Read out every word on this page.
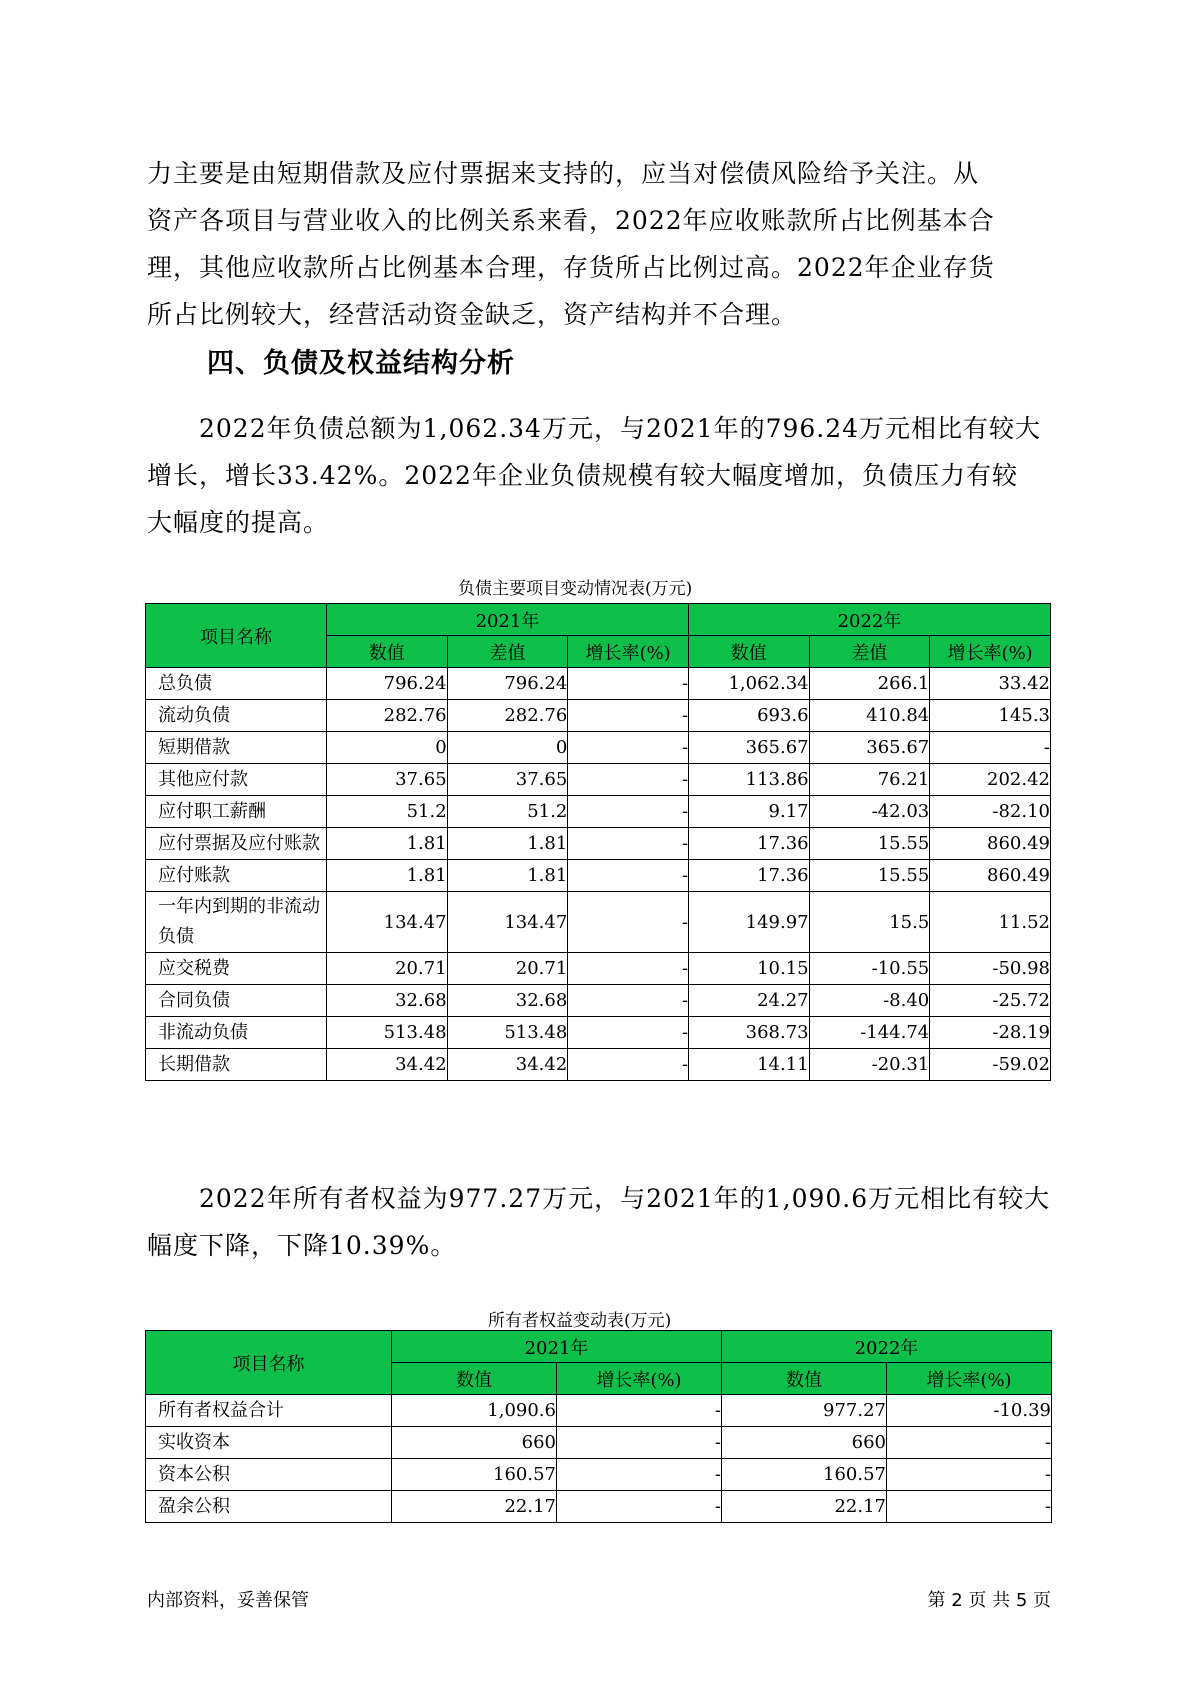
力主要是由短期借款及应付票据来支持的，应当对偿债风险给予关注。从
资产各项目与营业收入的比例关系来看，2022年应收账款所占比例基本合
理，其他应收款所占比例基本合理，存货所占比例过高。2022年企业存货
所占比例较大，经营活动资金缺乏，资产结构并不合理。
四、负债及权益结构分析
　　2022年负债总额为1,062.34万元，与2021年的796.24万元相比有较大
增长，增长33.42%。2022年企业负债规模有较大幅度增加，负债压力有较
大幅度的提高。

负债主要项目变动情况表(万元)

项目名称	2021年			2022年		
	数值	差值	增长率(%)	数值	差值	增长率(%)
总负债	796.24	796.24	-	1,062.34	266.1	33.42
流动负债	282.76	282.76	-	693.6	410.84	145.3
短期借款	0	0	-	365.67	365.67	-
其他应付款	37.65	37.65	-	113.86	76.21	202.42
应付职工薪酬	51.2	51.2	-	9.17	-42.03	-82.10
应付票据及应付账款	1.81	1.81	-	17.36	15.55	860.49
应付账款	1.81	1.81	-	17.36	15.55	860.49
一年内到期的非流动负债	134.47	134.47	-	149.97	15.5	11.52
应交税费	20.71	20.71	-	10.15	-10.55	-50.98
合同负债	32.68	32.68	-	24.27	-8.40	-25.72
非流动负债	513.48	513.48	-	368.73	-144.74	-28.19
长期借款	34.42	34.42	-	14.11	-20.31	-59.02
　　2022年所有者权益为977.27万元，与2021年的1,090.6万元相比有较大
幅度下降，下降10.39%。

所有者权益变动表(万元)

项目名称	2021年		2022年	
	数值	增长率(%)	数值	增长率(%)
所有者权益合计	1,090.6	-	977.27	-10.39
实收资本	660	-	660	-
资本公积	160.57	-	160.57	-
盈余公积	22.17	-	22.17	-

内部资料，妥善保管	第 2 页 共 5 页
